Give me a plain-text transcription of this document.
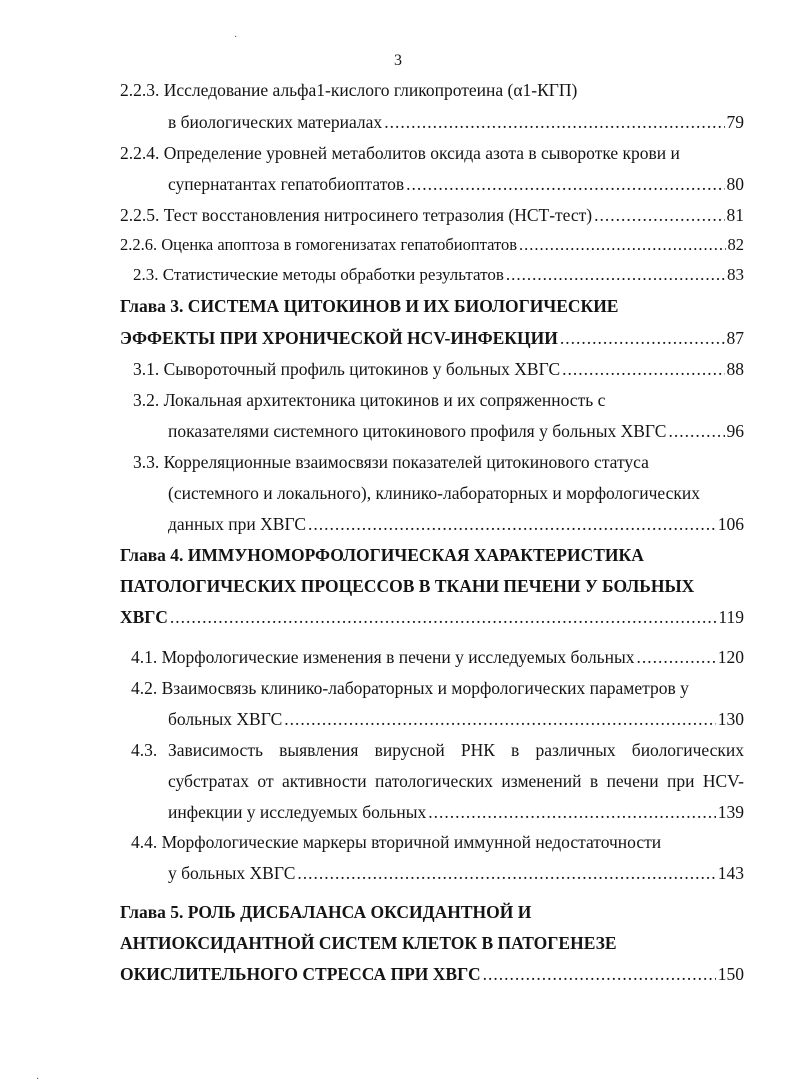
·
3
2.2.3.
Исследование альфа1-кислого гликопротеина (α1-КГП)
в биологических материалах .....	79
2.2.4.
Определение уровней метаболитов оксида азота в сыворотке крови и
супернатантах гепатобиоптатов .....	80
2.2.5.
Тест восстановления нитросинего тетразолия (НСТ-тест) .....	81
2.2.6.
Оценка апоптоза в гомогенизатах гепатобиоптатов .....	82
2.3.
Статистические методы обработки результатов .....	83
Глава 3. СИСТЕМА ЦИТОКИНОВ И ИХ БИОЛОГИЧЕСКИЕ
ЭФФЕКТЫ ПРИ ХРОНИЧЕСКОЙ HCV-ИНФЕКЦИИ .....	87
3.1.
Сывороточный профиль цитокинов у больных ХВГС .....	88
3.2.
Локальная архитектоника цитокинов и их сопряженность с
показателями системного цитокинового профиля у больных ХВГС .....	96
3.3.
Корреляционные взаимосвязи показателей цитокинового статуса
(системного и локального), клинико-лабораторных и морфологических
данных при ХВГС .....	106
Глава 4. ИММУНОМОРФОЛОГИЧЕСКАЯ ХАРАКТЕРИСТИКА
ПАТОЛОГИЧЕСКИХ ПРОЦЕССОВ В ТКАНИ ПЕЧЕНИ У БОЛЬНЫХ
ХВГС .....	119
4.1.
Морфологические изменения в печени у исследуемых больных .....	120
4.2.
Взаимосвязь клинико-лабораторных и морфологических параметров у
больных ХВГС .....	130
4.3.
Зависимость выявления вирусной РНК в различных биологических
субстратах от активности патологических изменений в печени при HCV-
инфекции у исследуемых больных .....	139
4.4.
Морфологические маркеры вторичной иммунной недостаточности
у больных ХВГС .....	143
Глава 5. РОЛЬ ДИСБАЛАНСА ОКСИДАНТНОЙ И
АНТИОКСИДАНТНОЙ СИСТЕМ КЛЕТОК В ПАТОГЕНЕЗЕ
ОКИСЛИТЕЛЬНОГО СТРЕССА ПРИ ХВГС .....	150
·
